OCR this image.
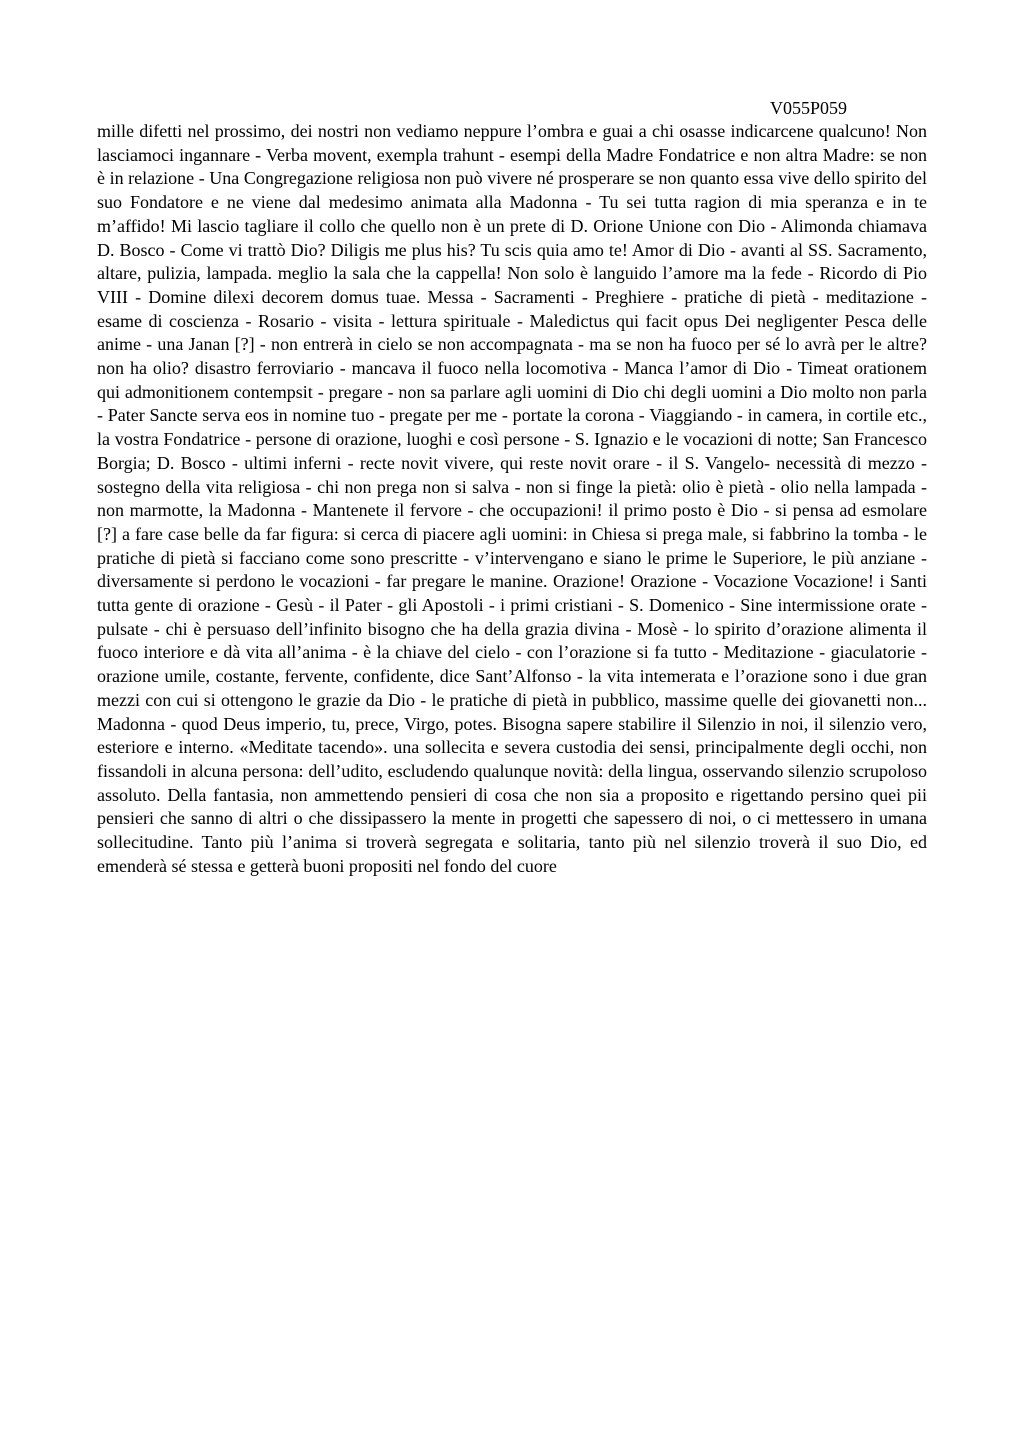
V055P059

mille difetti nel prossimo, dei nostri non vediamo neppure l’ombra e guai a chi osasse indicarcene qualcuno! Non lasciamoci ingannare - Verba movent, exempla trahunt - esempi della Madre Fondatrice e non altra Madre: se non è in relazione - Una Congregazione religiosa non può vivere né prosperare se non quanto essa vive dello spirito del suo Fondatore e ne viene dal medesimo animata alla Madonna - Tu sei tutta ragion di mia speranza e in te m’affido! Mi lascio tagliare il collo che quello non è un prete di D. Orione Unione con Dio - Alimonda chiamava D. Bosco - Come vi trattò Dio? Diligis me plus his? Tu scis quia amo te! Amor di Dio - avanti al SS. Sacramento, altare, pulizia, lampada. meglio la sala che la cappella! Non solo è languido l’amore ma la fede - Ricordo di Pio VIII - Domine dilexi decorem domus tuae. Messa - Sacramenti - Preghiere - pratiche di pietà - meditazione - esame di coscienza - Rosario - visita - lettura spirituale - Maledictus qui facit opus Dei negligenter Pesca delle anime - una Janan [?] - non entrerà in cielo se non accompagnata - ma se non ha fuoco per sé lo avrà per le altre? non ha olio? disastro ferroviario - mancava il fuoco nella locomotiva - Manca l’amor di Dio - Timeat orationem qui admonitionem contempsit - pregare - non sa parlare agli uomini di Dio chi degli uomini a Dio molto non parla - Pater Sancte serva eos in nomine tuo - pregate per me - portate la corona - Viaggiando - in camera, in cortile etc., la vostra Fondatrice - persone di orazione, luoghi e così persone - S. Ignazio e le vocazioni di notte; San Francesco Borgia; D. Bosco - ultimi inferni - recte novit vivere, qui reste novit orare - il S. Vangelo- necessità di mezzo - sostegno della vita religiosa - chi non prega non si salva - non si finge la pietà: olio è pietà - olio nella lampada - non marmotte, la Madonna - Mantenete il fervore - che occupazioni! il primo posto è Dio - si pensa ad esmolare [?] a fare case belle da far figura: si cerca di piacere agli uomini: in Chiesa si prega male, si fabbrino la tomba - le pratiche di pietà si facciano come sono prescritte - v’intervengano e siano le prime le Superiore, le più anziane - diversamente si perdono le vocazioni - far pregare le manine. Orazione! Orazione - Vocazione Vocazione! i Santi tutta gente di orazione - Gesù - il Pater - gli Apostoli - i primi cristiani - S. Domenico - Sine intermissione orate - pulsate - chi è persuaso dell’infinito bisogno che ha della grazia divina - Mosè - lo spirito d’orazione alimenta il fuoco interiore e dà vita all’anima - è la chiave del cielo - con l’orazione si fa tutto - Meditazione - giaculatorie - orazione umile, costante, fervente, confidente, dice Sant’Alfonso - la vita intemerata e l’orazione sono i due gran mezzi con cui si ottengono le grazie da Dio - le pratiche di pietà in pubblico, massime quelle dei giovanetti non... Madonna - quod Deus imperio, tu, prece, Virgo, potes. Bisogna sapere stabilire il Silenzio in noi, il silenzio vero, esteriore e interno. «Meditate tacendo». una sollecita e severa custodia dei sensi, principalmente degli occhi, non fissandoli in alcuna persona: dell’udito, escludendo qualunque novità: della lingua, osservando silenzio scrupoloso assoluto. Della fantasia, non ammettendo pensieri di cosa che non sia a proposito e rigettando persino quei pii pensieri che sanno di altri o che dissipassero la mente in progetti che sapessero di noi, o ci mettessero in umana sollecitudine. Tanto più l’anima si troverà segregata e solitaria, tanto più nel silenzio troverà il suo Dio, ed emenderà sé stessa e getterà buoni propositi nel fondo del cuore
